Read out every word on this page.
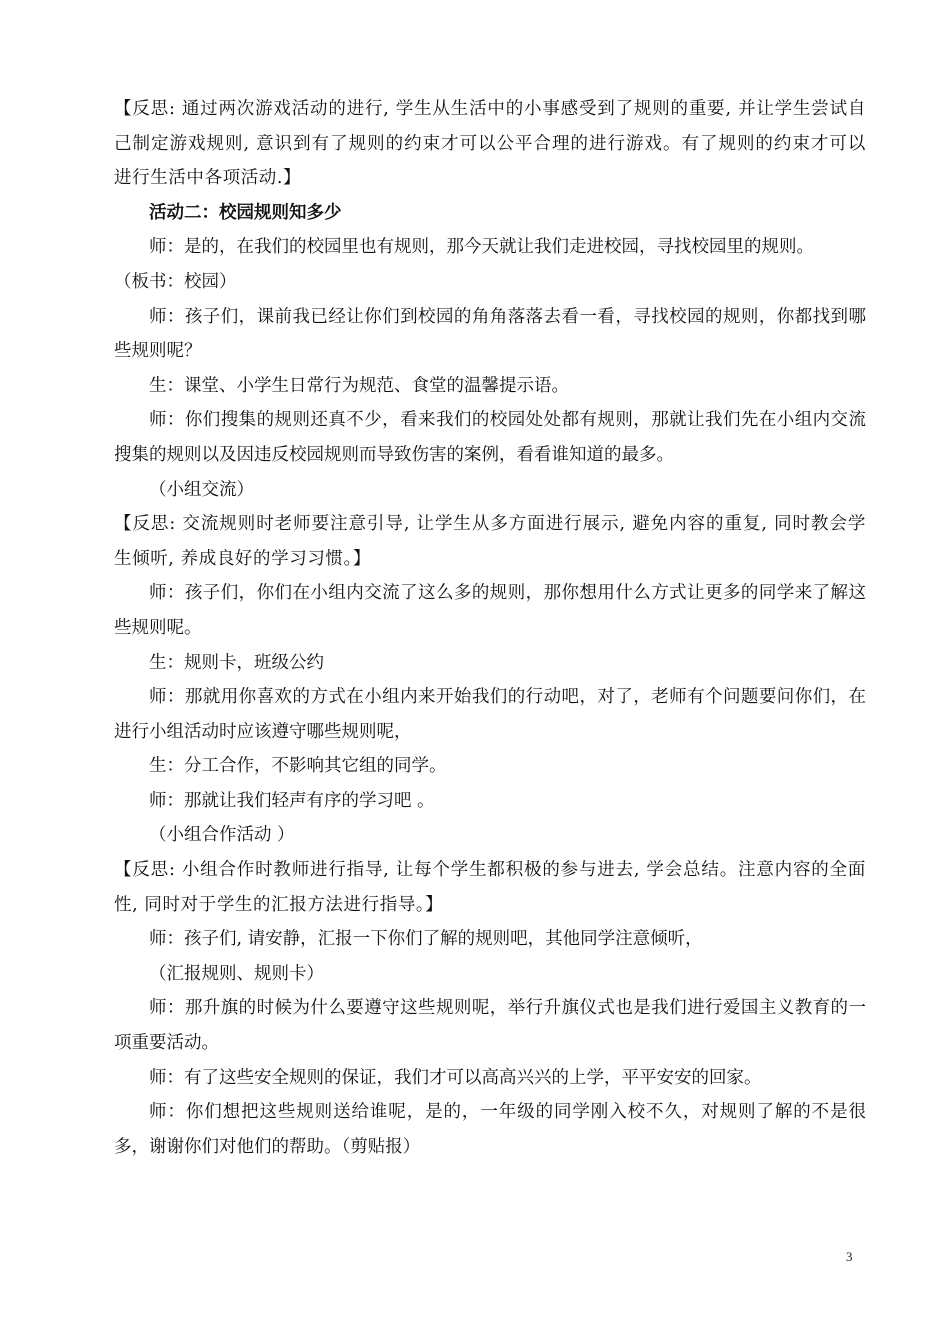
【反思: 通过两次游戏活动的进行, 学生从生活中的小事感受到了规则的重要, 并让学生尝试自己制定游戏规则, 意识到有了规则的约束才可以公平合理的进行游戏。有了规则的约束才可以进行生活中各项活动.】

活动二：校园规则知多少

师：是的，在我们的校园里也有规则，那今天就让我们走进校园，寻找校园里的规则。

（板书：校园）

师：孩子们，课前我已经让你们到校园的角角落落去看一看，寻找校园的规则，你都找到哪些规则呢？

生：课堂、小学生日常行为规范、食堂的温馨提示语。

师：你们搜集的规则还真不少，看来我们的校园处处都有规则，那就让我们先在小组内交流搜集的规则以及因违反校园规则而导致伤害的案例，看看谁知道的最多。

（小组交流）

【反思: 交流规则时老师要注意引导, 让学生从多方面进行展示, 避免内容的重复, 同时教会学生倾听, 养成良好的学习习惯。】

师：孩子们，你们在小组内交流了这么多的规则，那你想用什么方式让更多的同学来了解这些规则呢。

生：规则卡，班级公约

师：那就用你喜欢的方式在小组内来开始我们的行动吧，对了，老师有个问题要问你们，在进行小组活动时应该遵守哪些规则呢，

生：分工合作，不影响其它组的同学。

师：那就让我们轻声有序的学习吧 。

（小组合作活动 ）

【反思: 小组合作时教师进行指导, 让每个学生都积极的参与进去, 学会总结。注意内容的全面性, 同时对于学生的汇报方法进行指导。】

师：孩子们, 请安静，汇报一下你们了解的规则吧，其他同学注意倾听，

（汇报规则、规则卡）

师：那升旗的时候为什么要遵守这些规则呢，举行升旗仪式也是我们进行爱国主义教育的一项重要活动。

师：有了这些安全规则的保证，我们才可以高高兴兴的上学，平平安安的回家。

师：你们想把这些规则送给谁呢，是的，一年级的同学刚入校不久，对规则了解的不是很多，谢谢你们对他们的帮助。（剪贴报）

3
